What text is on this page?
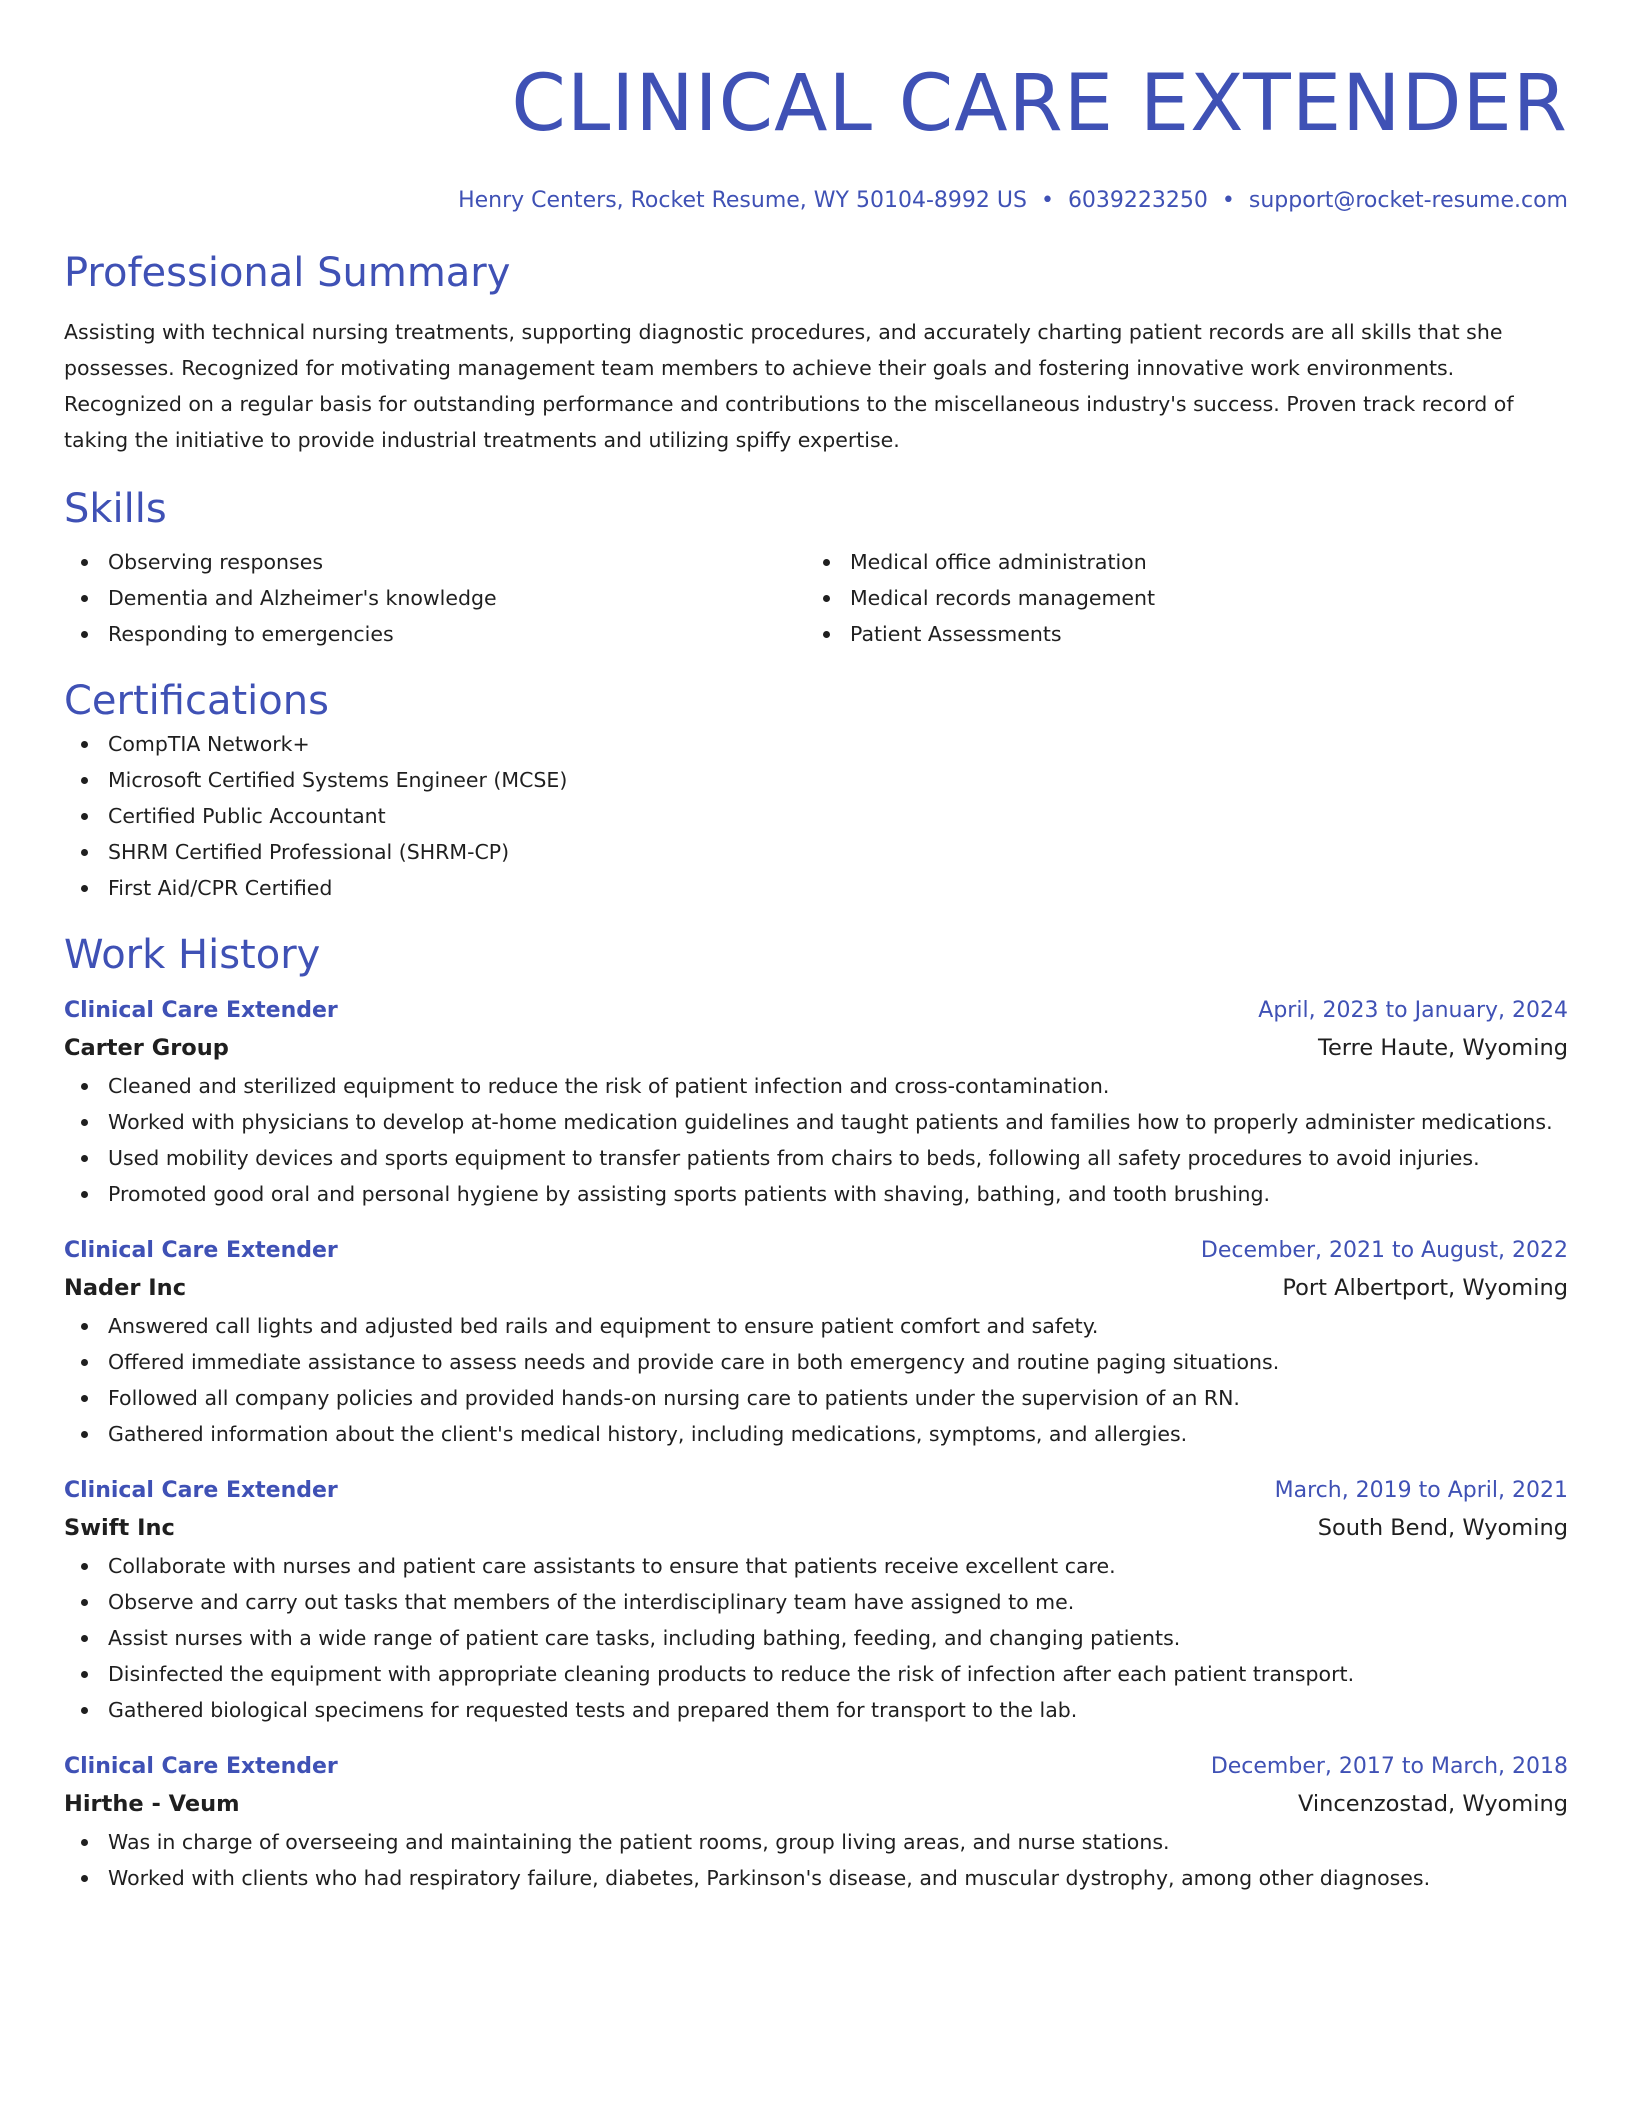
CLINICAL CARE EXTENDER
Henry Centers, Rocket Resume, WY 50104-8992 US • 6039223250 • support@rocket-resume.com
Professional Summary
Assisting with technical nursing treatments, supporting diagnostic procedures, and accurately charting patient records are all skills that she possesses. Recognized for motivating management team members to achieve their goals and fostering innovative work environments. Recognized on a regular basis for outstanding performance and contributions to the miscellaneous industry's success. Proven track record of taking the initiative to provide industrial treatments and utilizing spiffy expertise.
Skills
Observing responses
Dementia and Alzheimer's knowledge
Responding to emergencies
Medical office administration
Medical records management
Patient Assessments
Certifications
CompTIA Network+
Microsoft Certified Systems Engineer (MCSE)
Certified Public Accountant
SHRM Certified Professional (SHRM-CP)
First Aid/CPR Certified
Work History
Clinical Care Extender	April, 2023 to January, 2024
Carter Group	Terre Haute, Wyoming
Cleaned and sterilized equipment to reduce the risk of patient infection and cross-contamination.
Worked with physicians to develop at-home medication guidelines and taught patients and families how to properly administer medications.
Used mobility devices and sports equipment to transfer patients from chairs to beds, following all safety procedures to avoid injuries.
Promoted good oral and personal hygiene by assisting sports patients with shaving, bathing, and tooth brushing.
Clinical Care Extender	December, 2021 to August, 2022
Nader Inc	Port Albertport, Wyoming
Answered call lights and adjusted bed rails and equipment to ensure patient comfort and safety.
Offered immediate assistance to assess needs and provide care in both emergency and routine paging situations.
Followed all company policies and provided hands-on nursing care to patients under the supervision of an RN.
Gathered information about the client's medical history, including medications, symptoms, and allergies.
Clinical Care Extender	March, 2019 to April, 2021
Swift Inc	South Bend, Wyoming
Collaborate with nurses and patient care assistants to ensure that patients receive excellent care.
Observe and carry out tasks that members of the interdisciplinary team have assigned to me.
Assist nurses with a wide range of patient care tasks, including bathing, feeding, and changing patients.
Disinfected the equipment with appropriate cleaning products to reduce the risk of infection after each patient transport.
Gathered biological specimens for requested tests and prepared them for transport to the lab.
Clinical Care Extender	December, 2017 to March, 2018
Hirthe - Veum	Vincenzostad, Wyoming
Was in charge of overseeing and maintaining the patient rooms, group living areas, and nurse stations.
Worked with clients who had respiratory failure, diabetes, Parkinson's disease, and muscular dystrophy, among other diagnoses.
